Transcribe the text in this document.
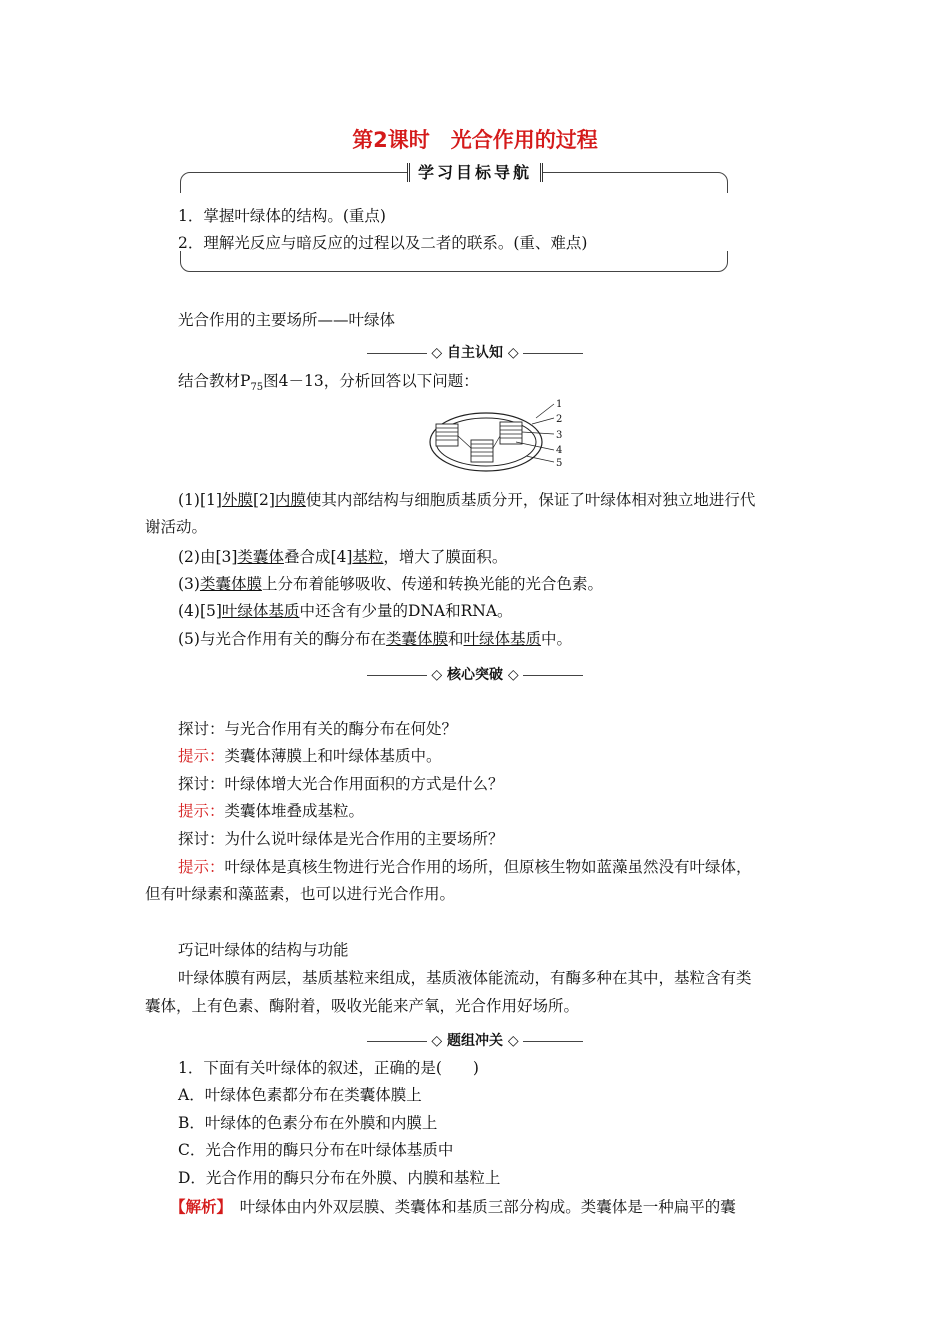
第2课时　光合作用的过程
学习目标导航
1．掌握叶绿体的结构。(重点)
2．理解光反应与暗反应的过程以及二者的联系。(重、难点)
光合作用的主要场所——叶绿体
◇ 自主认知 ◇
结合教材$P_{75}$图4－13，分析回答以下问题：
1
2
3
4
5
(1)[1]外膜[2]内膜使其内部结构与细胞质基质分开，保证了叶绿体相对独立地进行代
谢活动。
(2)由[3]类囊体叠合成[4]基粒，增大了膜面积。
(3)类囊体膜上分布着能够吸收、传递和转换光能的光合色素。
(4)[5]叶绿体基质中还含有少量的DNA和RNA。
(5)与光合作用有关的酶分布在类囊体膜和叶绿体基质中。
◇ 核心突破 ◇
探讨：与光合作用有关的酶分布在何处？
提示：类囊体薄膜上和叶绿体基质中。
探讨：叶绿体增大光合作用面积的方式是什么？
提示：类囊体堆叠成基粒。
探讨：为什么说叶绿体是光合作用的主要场所？
提示：叶绿体是真核生物进行光合作用的场所，但原核生物如蓝藻虽然没有叶绿体，
但有叶绿素和藻蓝素，也可以进行光合作用。
巧记叶绿体的结构与功能
叶绿体膜有两层，基质基粒来组成，基质液体能流动，有酶多种在其中，基粒含有类
囊体，上有色素、酶附着，吸收光能来产氧，光合作用好场所。
◇ 题组冲关 ◇
1．下面有关叶绿体的叙述，正确的是(　　)
A．叶绿体色素都分布在类囊体膜上
B．叶绿体的色素分布在外膜和内膜上
C．光合作用的酶只分布在叶绿体基质中
D．光合作用的酶只分布在外膜、内膜和基粒上
【解析】　 叶绿体由内外双层膜、类囊体和基质三部分构成。类囊体是一种扁平的囊
